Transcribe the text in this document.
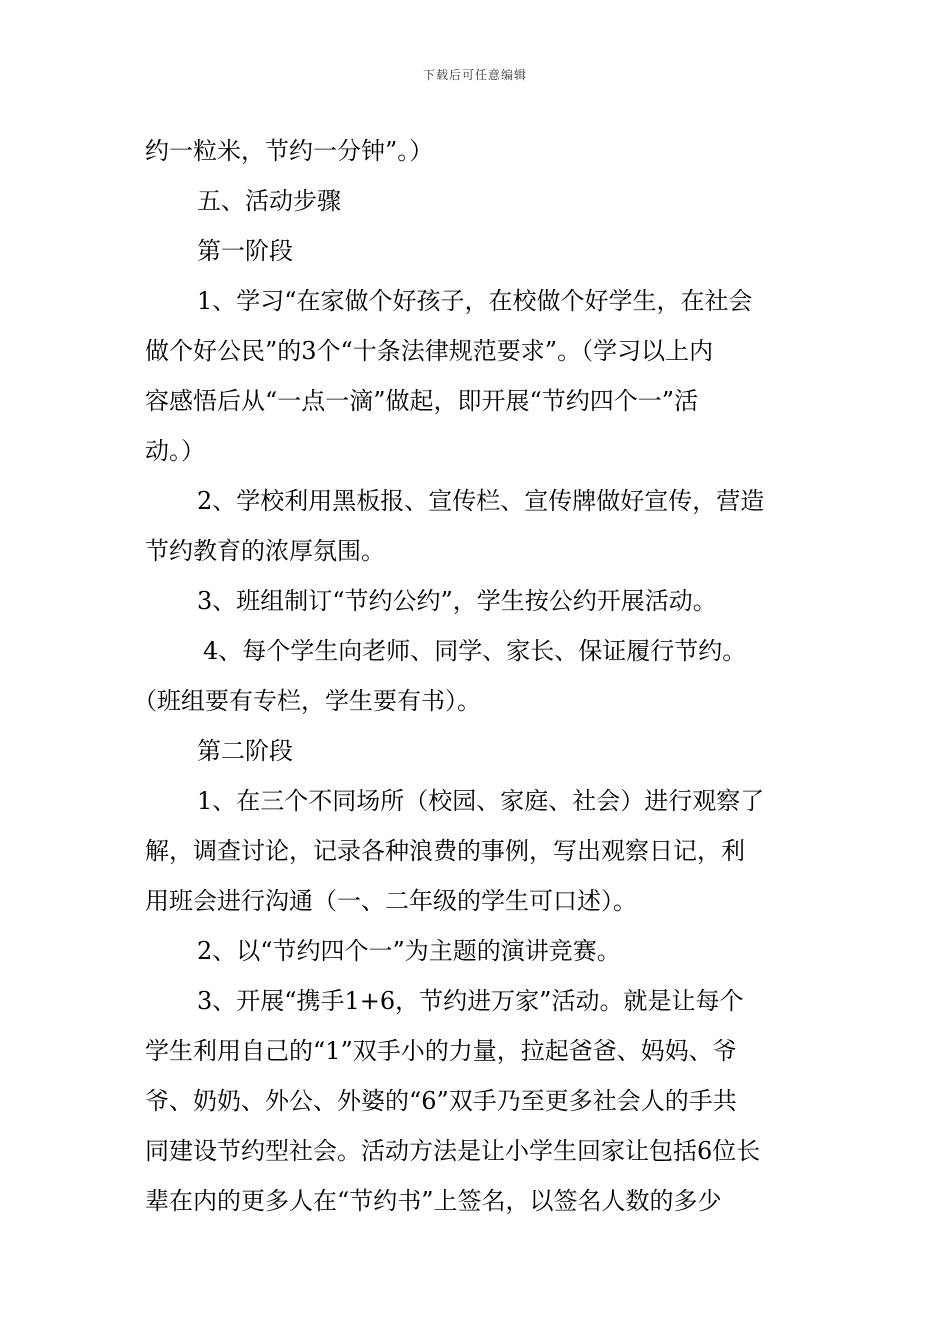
下载后可任意编辑
约一粒米，节约一分钟”。）
五、活动步骤
第一阶段
1、学习“在家做个好孩子，在校做个好学生，在社会
做个好公民”的3个“十条法律规范要求”。（学习以上内
容感悟后从“一点一滴”做起，即开展“节约四个一”活
动。）
2、学校利用黑板报、宣传栏、宣传牌做好宣传，营造
节约教育的浓厚氛围。
3、班组制订“节约公约”，学生按公约开展活动。
4、每个学生向老师、同学、家长、保证履行节约。
（班组要有专栏，学生要有书）。
第二阶段
1、在三个不同场所（校园、家庭、社会）进行观察了
解，调查讨论，记录各种浪费的事例，写出观察日记，利
用班会进行沟通（一、二年级的学生可口述）。
2、以“节约四个一”为主题的演讲竞赛。
3、开展“携手1+6，节约进万家”活动。就是让每个
学生利用自己的“1”双手小的力量，拉起爸爸、妈妈、爷
爷、奶奶、外公、外婆的“6”双手乃至更多社会人的手共
同建设节约型社会。活动方法是让小学生回家让包括6位长
辈在内的更多人在“节约书”上签名，以签名人数的多少
